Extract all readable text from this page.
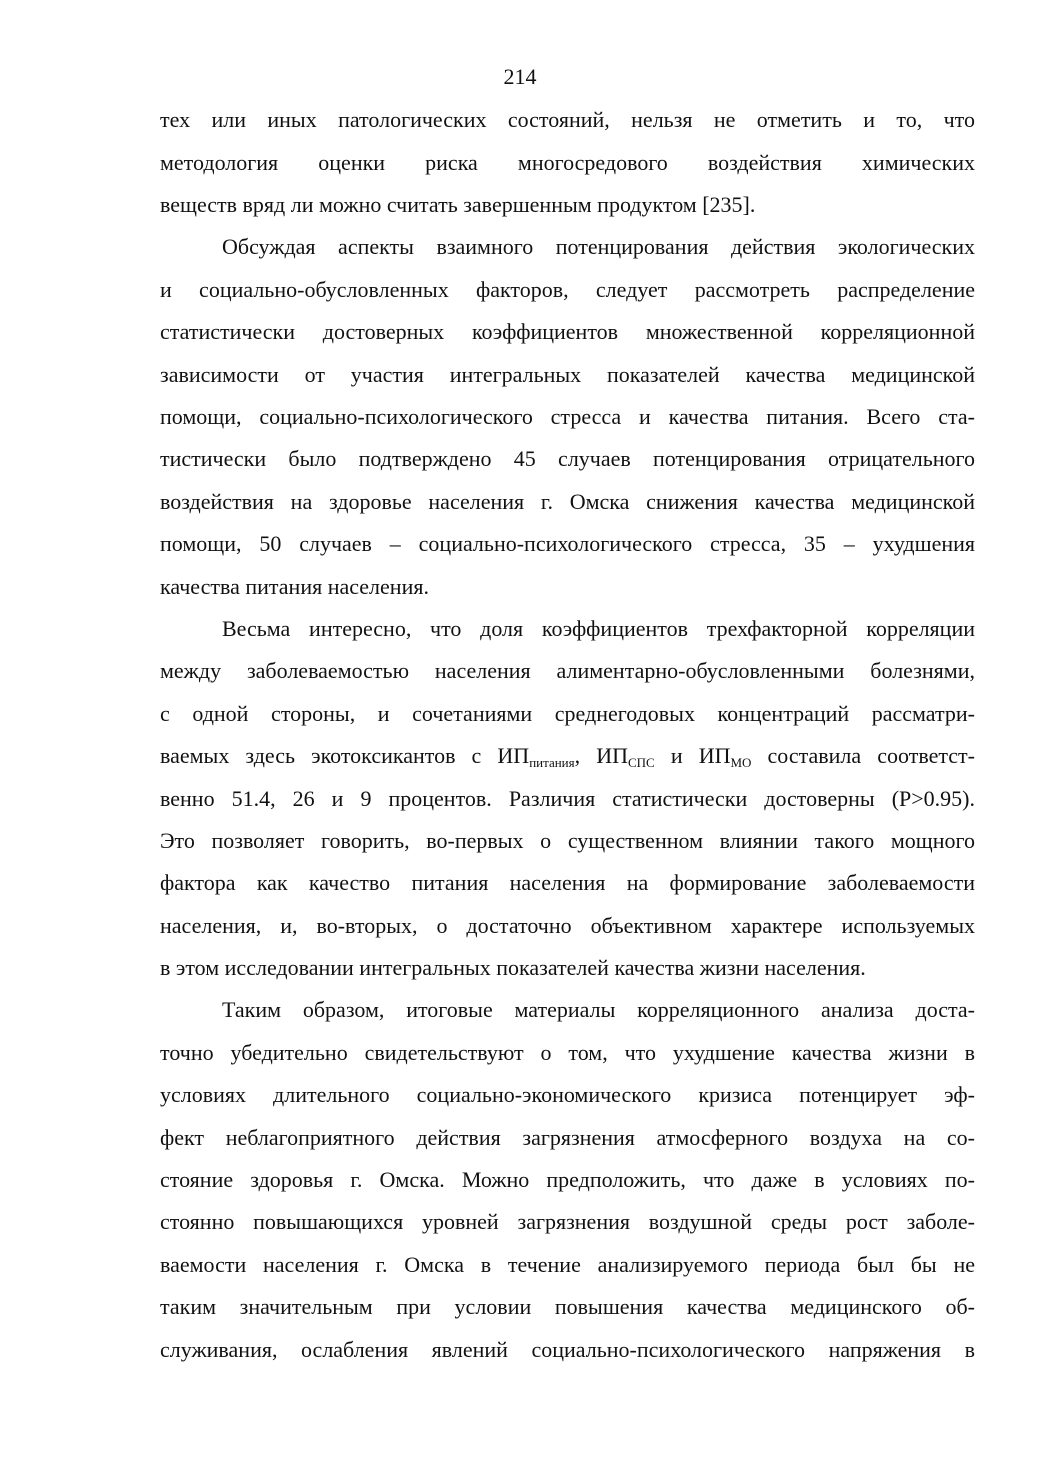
214
тех или иных патологических состояний, нельзя не отметить и то, что
методология оценки риска многосредового воздействия химических
веществ вряд ли можно считать завершенным продуктом [235].
Обсуждая аспекты взаимного потенцирования действия экологических
и социально-обусловленных факторов, следует рассмотреть распределение
статистически достоверных коэффициентов множественной корреляционной
зависимости от участия интегральных показателей качества медицинской
помощи, социально-психологического стресса и качества питания. Всего ста-
тистически было подтверждено 45 случаев потенцирования отрицательного
воздействия на здоровье населения г. Омска снижения качества медицинской
помощи, 50 случаев – социально-психологического стресса, 35 – ухудшения
качества питания населения.
Весьма интересно, что доля коэффициентов трехфакторной корреляции
между заболеваемостью населения алиментарно-обусловленными болезнями,
с одной стороны, и сочетаниями среднегодовых концентраций рассматри-
ваемых здесь экотоксикантов с $ИП_{питания}$, $ИП_{СПС}$ и $ИП_{МО}$ составила соответст-
венно 51.4, 26 и 9 процентов. Различия статистически достоверны (P>0.95).
Это позволяет говорить, во-первых о существенном влиянии такого мощного
фактора как качество питания населения на формирование заболеваемости
населения, и, во-вторых, о достаточно объективном характере используемых
в этом исследовании интегральных показателей качества жизни населения.
Таким образом, итоговые материалы корреляционного анализа доста-
точно убедительно свидетельствуют о том, что ухудшение качества жизни в
условиях длительного социально-экономического кризиса потенцирует эф-
фект неблагоприятного действия загрязнения атмосферного воздуха на со-
стояние здоровья г. Омска. Можно предположить, что даже в условиях по-
стоянно повышающихся уровней загрязнения воздушной среды рост заболе-
ваемости населения г. Омска в течение анализируемого периода был бы не
таким значительным при условии повышения качества медицинского об-
служивания, ослабления явлений социально-психологического напряжения в
